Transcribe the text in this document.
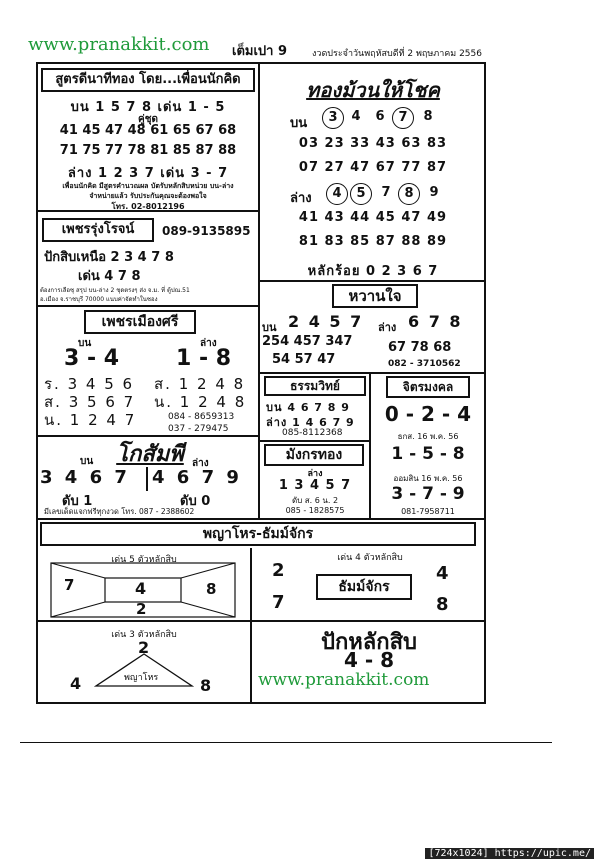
www.pranakkit.com เต็มเปา 9	งวดประจำวันพฤหัสบดีที่ 2 พฤษภาคม 2556
สูตรดีนาทีทอง โดย...เพื่อนนักคิด
บน 1 5 7 8 เด่น 1 - 5
คู่ชุด
41 45 47 48 61 65 67 68
71 75 77 78 81 85 87 88
ล่าง 1 2 3 7 เด่น 3 - 7
เพื่อนนักคิด มีสูตรคำนวณผล บัตรับหลักสิบหน่วย บน-ล่าง
จำหน่ายแล้ว รับประกันคุณจะต้องพอใจ
โทร. 02-8012196
เพชรรุ่งโรจน์	089-9135895
ปักสิบเหนือ 2 3 4 7 8
เด่น 4 7 8
ต้องการเลือซุ สรุป บน-ล่าง 2 ชุดตรงๆ ส่ง จ.ม. ที่ ตู้ปณ.51
อ.เมือง จ.ราชบุรี 70000 แนบค่าจัดทำในซอง
ทองม้วนให้โชค
บน	3	4	6	7	8
03 23 33 43 63 83
07 27 47 67 77 87
ล่าง	4	5	7	8	9
41 43 44 45 47 49
81 83 85 87 88 89
หลักร้อย 0 2 3 6 7
หวานใจ
บน 2 4 5 7 ล่าง 6 7 8
254 457 347
54 57 47
67 78 68
082 - 3710562
เพชรเมืองศรี
บน	ล่าง
3 - 4	1 - 8
ร. 3 4 5 6
ส. 3 5 6 7
น. 1 2 4 7
ส. 1 2 4 8
น. 1 2 4 8
084 - 8659313
037 - 279475
ธรรมวิทย์
บน 4 6 7 8 9
ล่าง 1 4 6 7 9
085-8112368
จิตรมงคล
0 - 2 - 4
ธกส. 16 พ.ค. 56
1 - 5 - 8
ออมสิน 16 พ.ค. 56
3 - 7 - 9
081-7958711
โกสัมพี
บน	ล่าง
3 4 6 7 4 6 7 9
ดับ 1	ดับ 0
มีเลขเด็ดแจกฟรีทุกงวด โทร. 087 - 2388602
มังกรทอง
ล่าง
1 3 4 5 7
ดับ ส. 6 น. 2
085 - 1828575
พญาโหร-ธัมม์จักร
เด่น 5 ตัวหลักสิบ
7	4	8
2
เด่น 4 ตัวหลักสิบ
2
7
4
8
ธัมม์จักร
เด่น 3 ตัวหลักสิบ
2
พญาโหร
4	8
ปักหลักสิบ
4 - 8
www.pranakkit.com
[724x1024] https://upic.me/
